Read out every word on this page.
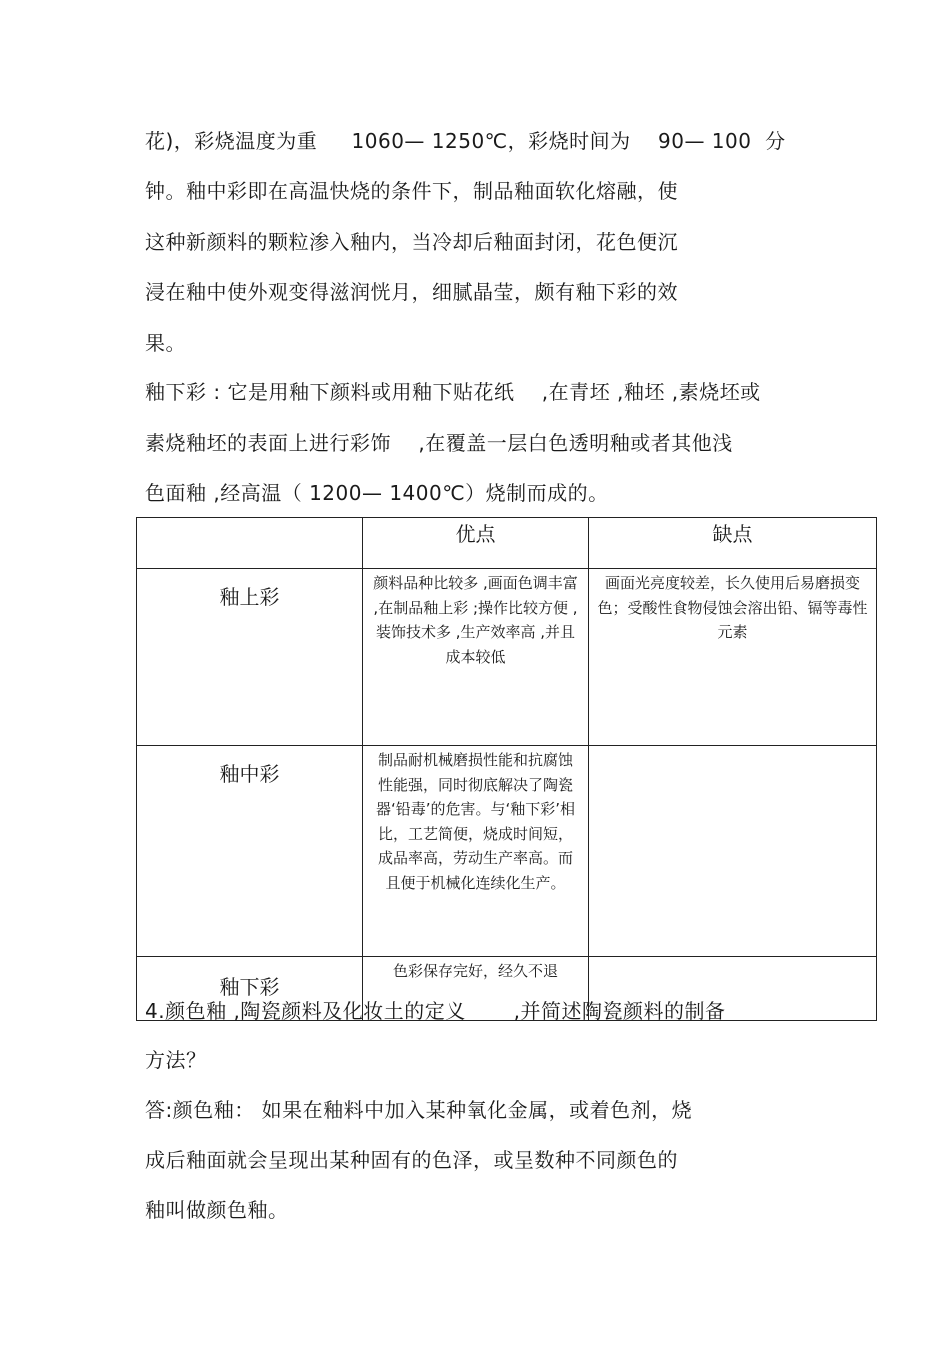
花)，彩烧温度为重　  1060— 1250℃，彩烧时间为　 90— 100  分
钟。釉中彩即在高温快烧的条件下，制品釉面软化熔融，使
这种新颜料的颗粒渗入釉内，当冷却后釉面封闭，花色便沉
浸在釉中使外观变得滋润恍月，细腻晶莹，颇有釉下彩的效
果。
釉下彩 : 它是用釉下颜料或用釉下贴花纸　 ,在青坯 ,釉坯 ,素烧坯或
素烧釉坯的表面上进行彩饰　 ,在覆盖一层白色透明釉或者其他浅
色面釉 ,经高温（ 1200— 1400℃）烧制而成的。
	优点	缺点
釉上彩	颜料品种比较多 ,画面色调丰富 ,在制品釉上彩 ;操作比较方便 ,装饰技术多 ,生产效率高 ,并且成本较低	画面光亮度较差，长久使用后易磨损变色；受酸性食物侵蚀会溶出铅、镉等毒性元素
釉中彩	制品耐机械磨损性能和抗腐蚀性能强，同时彻底解决了陶瓷器‘铅毒’的危害。与‘釉下彩’相比，工艺简便，烧成时间短，成品率高，劳动生产率高。而且便于机械化连续化生产。	
釉下彩	色彩保存完好，经久不退	
4.颜色釉 ,陶瓷颜料及化妆土的定义　　 ,并简述陶瓷颜料的制备
方法？
答:颜色釉： 如果在釉料中加入某种氧化金属，或着色剂，烧
成后釉面就会呈现出某种固有的色泽，或呈数种不同颜色的
釉叫做颜色釉。
